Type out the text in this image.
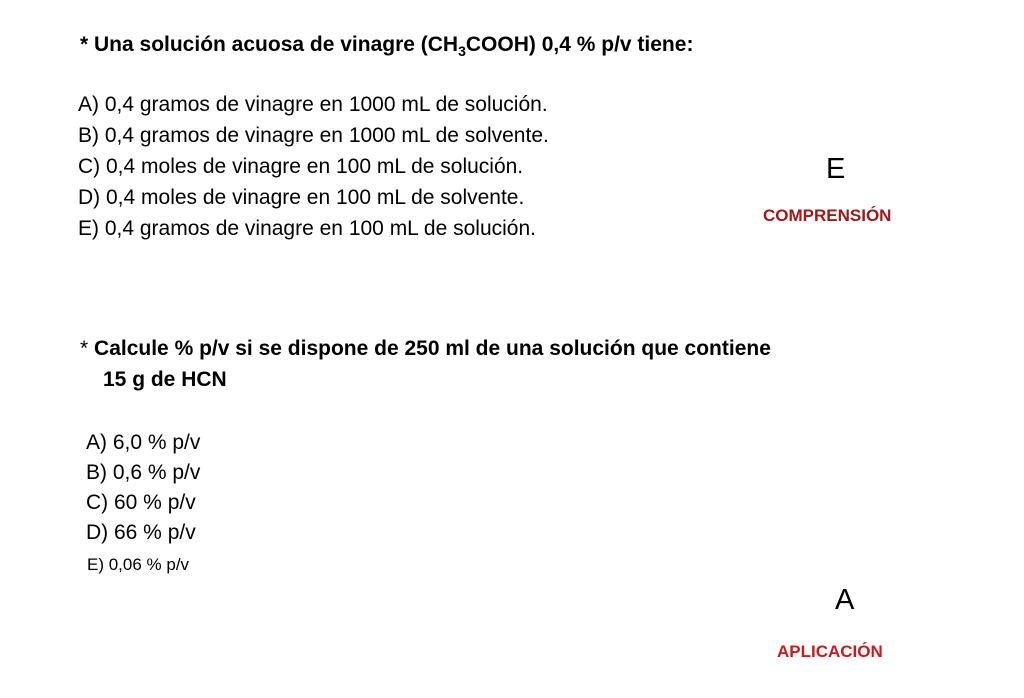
* Una solución acuosa de vinagre $(CH_3COOH)$ 0,4 % p/v tiene:
A) 0,4 gramos de vinagre en 1000 mL de solución.
B) 0,4 gramos de vinagre en 1000 mL de solvente.
C) 0,4 moles de vinagre en 100 mL de solución.
D) 0,4 moles de vinagre en 100 mL de solvente.
E) 0,4 gramos de vinagre en 100 mL de solución.
E
COMPRENSIÓN
* Calcule % p/v si se dispone de 250 ml de una solución que contiene
15 g de HCN
A) 6,0 % p/v
B) 0,6 % p/v
C) 60 % p/v
D) 66 % p/v
E) 0,06 % p/v
A
APLICACIÓN
